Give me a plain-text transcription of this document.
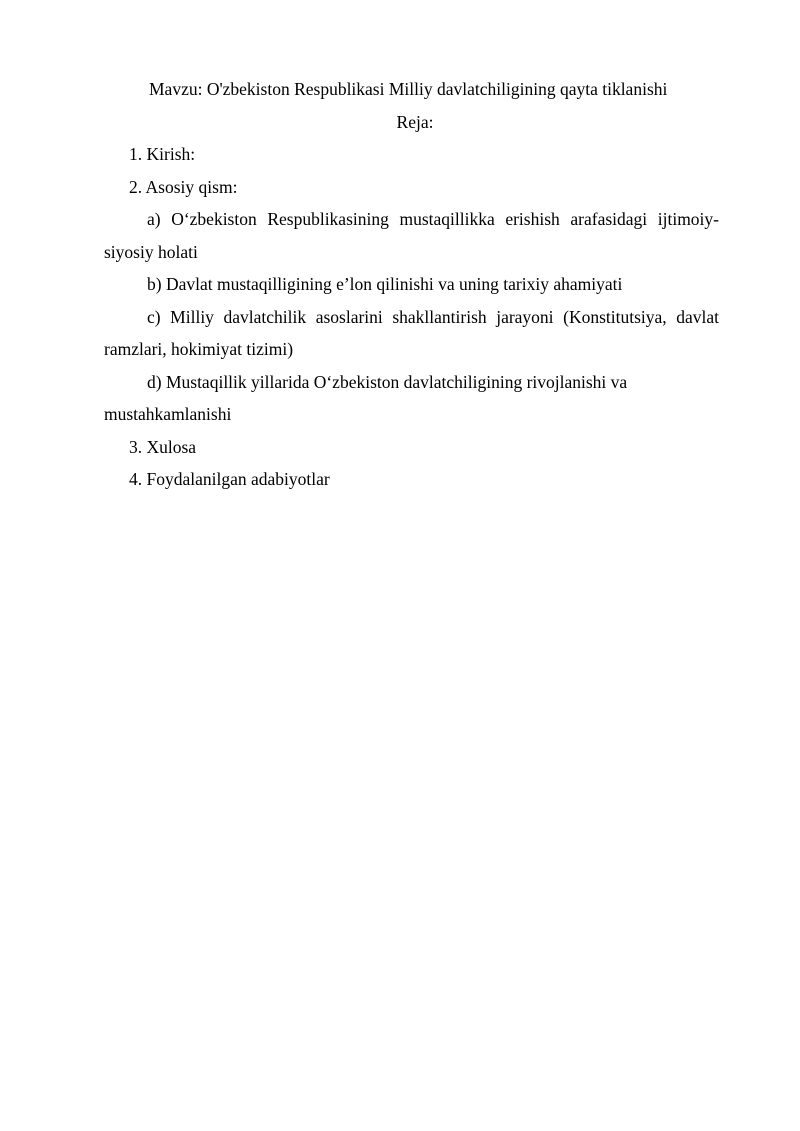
Mavzu: O'zbekiston Respublikasi Milliy davlatchiligining qayta tiklanishi
Reja:
1. Kirish:
2. Asosiy qism:
a) O‘zbekiston Respublikasining mustaqillikka erishish arafasidagi ijtimoiy-
siyosiy holati
b) Davlat mustaqilligining e’lon qilinishi va uning tarixiy ahamiyati
c) Milliy davlatchilik asoslarini shakllantirish jarayoni (Konstitutsiya, davlat
ramzlari, hokimiyat tizimi)
d) Mustaqillik yillarida O‘zbekiston davlatchiligining rivojlanishi va
mustahkamlanishi
3. Xulosa
4. Foydalanilgan adabiyotlar
